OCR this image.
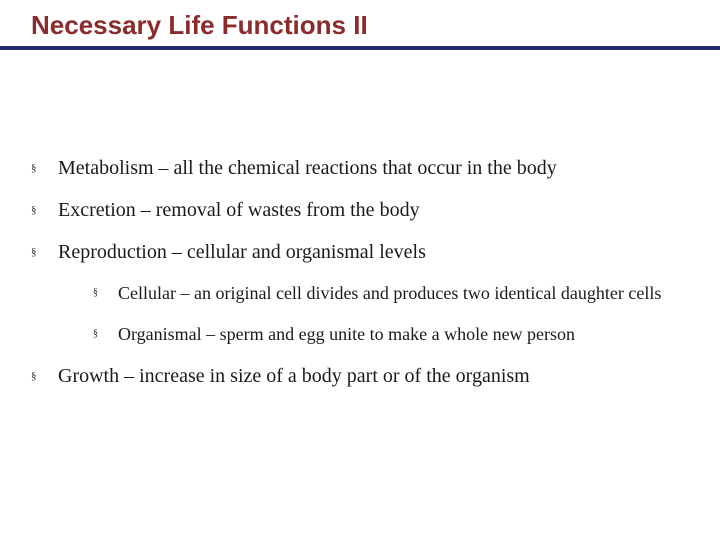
Necessary Life Functions II
§ Metabolism – all the chemical reactions that occur in the body
§ Excretion – removal of wastes from the body
§ Reproduction – cellular and organismal levels
§ Cellular – an original cell divides and produces two identical daughter cells
§ Organismal – sperm and egg unite to make a whole new person
§ Growth – increase in size of a body part or of the organism
